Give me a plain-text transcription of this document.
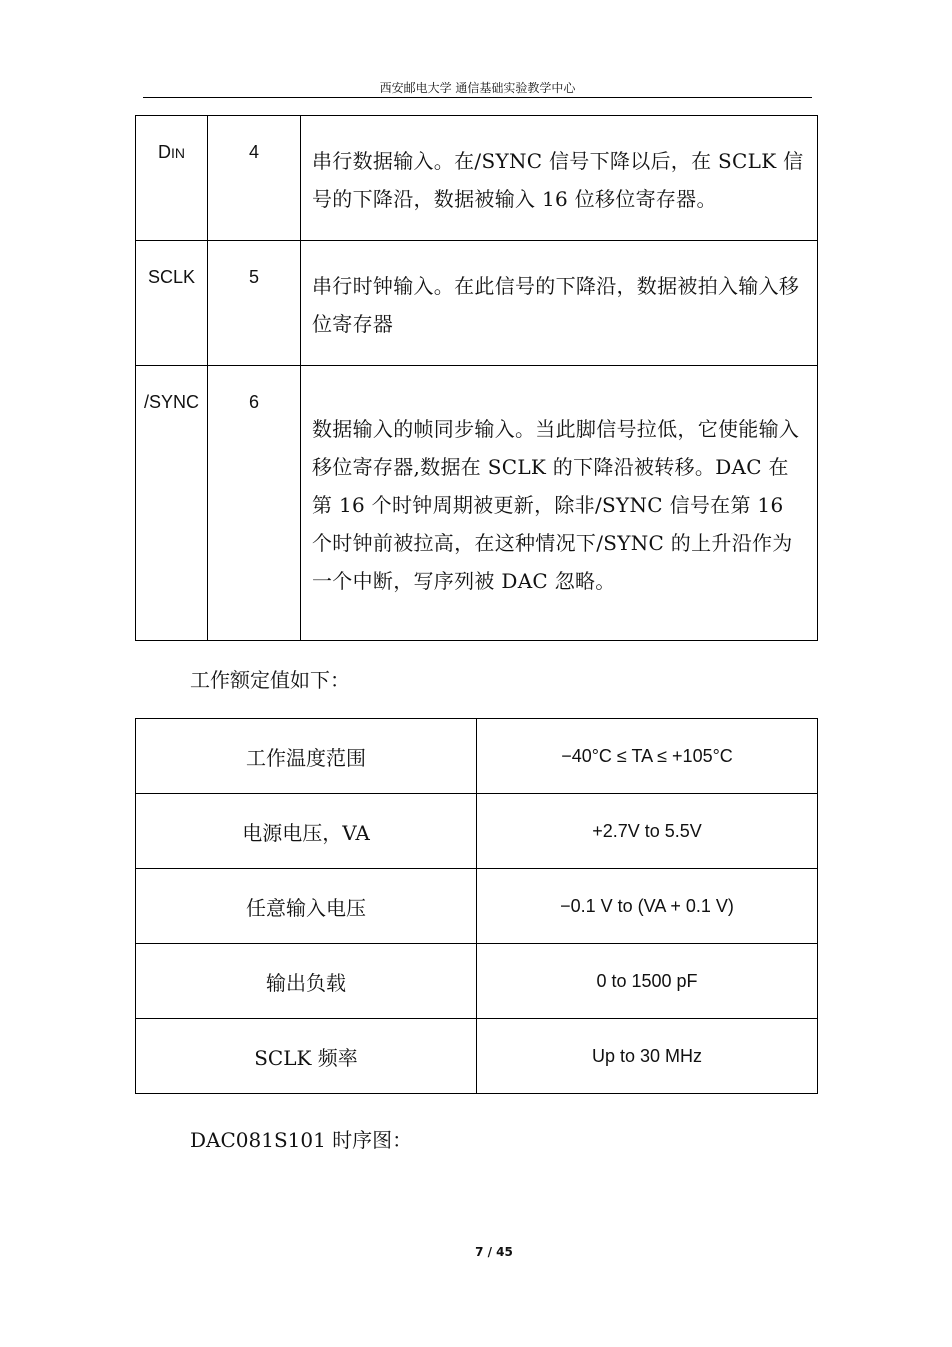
西安邮电大学 通信基础实验教学中心
DIN	4	串行数据输入。在/SYNC 信号下降以后，在 SCLK 信号的下降沿，数据被输入 16 位移位寄存器。
SCLK	5	串行时钟输入。在此信号的下降沿，数据被拍入输入移位寄存器
/SYNC	6	数据输入的帧同步输入。当此脚信号拉低，它使能输入移位寄存器,数据在 SCLK 的下降沿被转移。DAC 在第 16 个时钟周期被更新，除非/SYNC 信号在第 16 个时钟前被拉高，在这种情况下/SYNC 的上升沿作为一个中断，写序列被 DAC 忽略。
工作额定值如下：
工作温度范围	−40°C ≤ TA ≤ +105°C
电源电压，VA	+2.7V to 5.5V
任意输入电压	−0.1 V to (VA + 0.1 V)
输出负载	0 to 1500 pF
SCLK 频率	Up to 30 MHz
DAC081S101 时序图：
7 / 45
